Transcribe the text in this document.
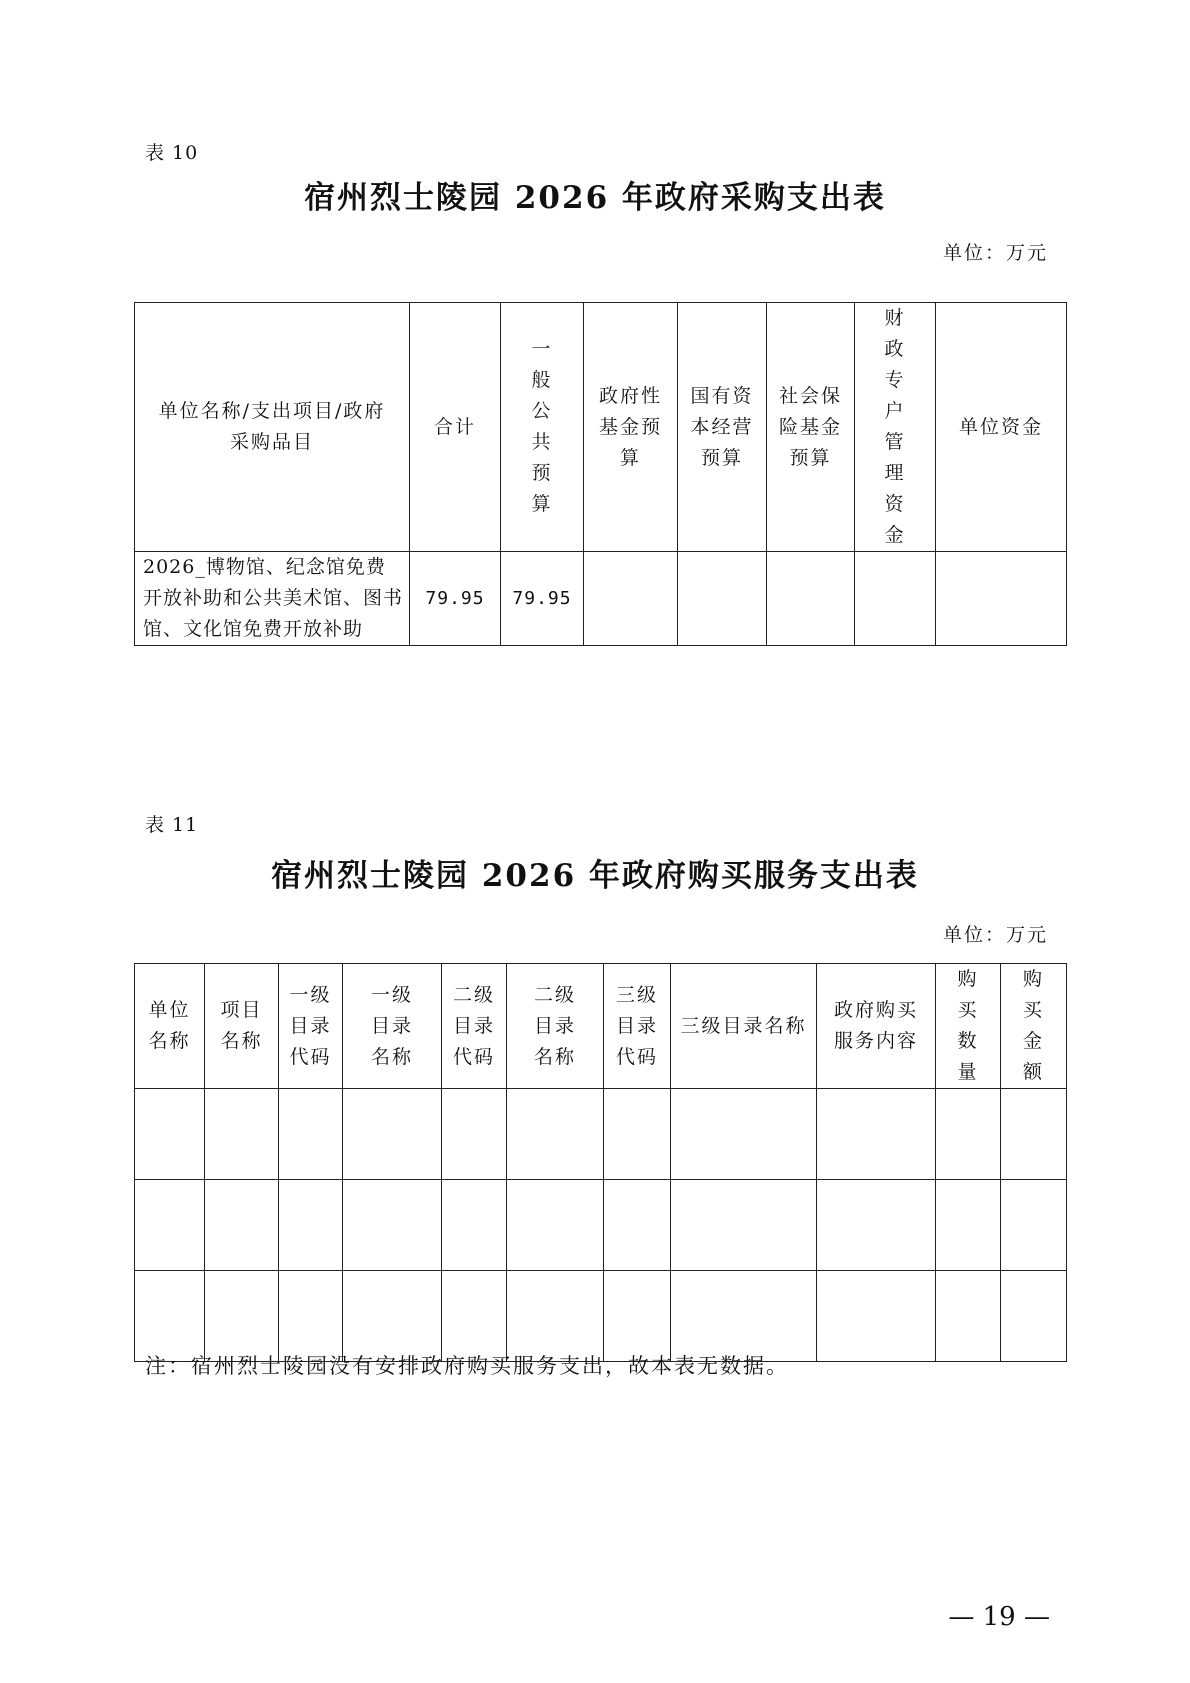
表 10
宿州烈士陵园 2026 年政府采购支出表
单位：万元
单位名称/支出项目/政府采购品目	合计	一般公共预算	政府性基金预算	国有资本经营预算	社会保险基金预算	财政专户管理资金	单位资金
2026_博物馆、纪念馆免费开放补助和公共美术馆、图书馆、文化馆免费开放补助	79.95	79.95					
表 11
宿州烈士陵园 2026 年政府购买服务支出表
单位：万元
单位名称	项目名称	一级目录代码	一级目录名称	二级目录代码	二级目录名称	三级目录代码	三级目录名称	政府购买服务内容	购买数量	购买金额

注：宿州烈士陵园没有安排政府购买服务支出，故本表无数据。
— 19 —
